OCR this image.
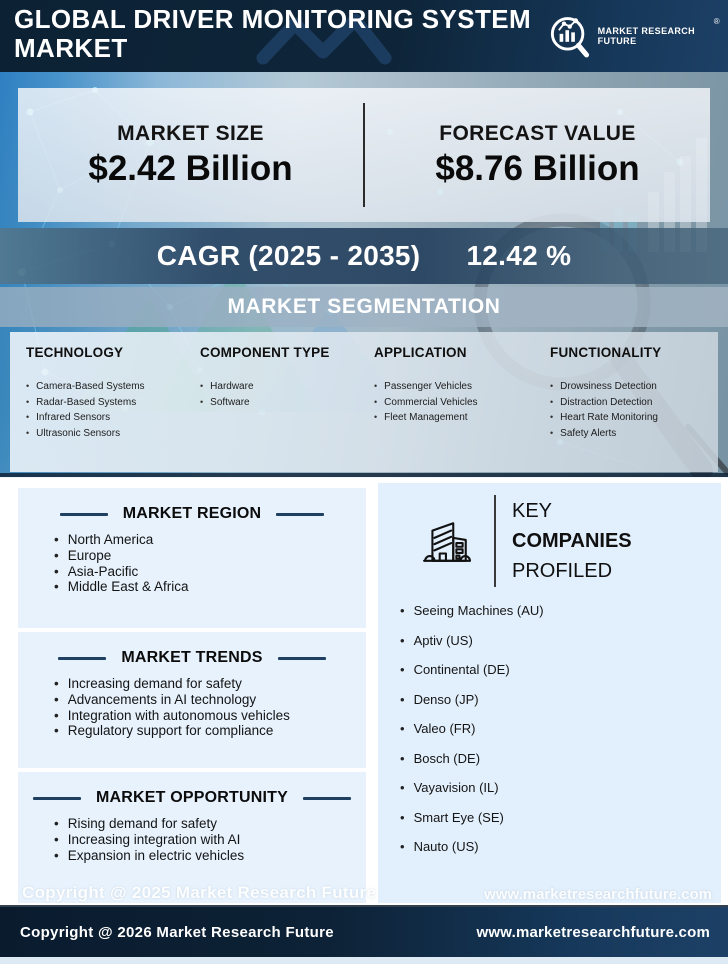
GLOBAL DRIVER MONITORING SYSTEM
MARKET
MARKET RESEARCH FUTURE
®
MARKET SIZE
$2.42 Billion
FORECAST VALUE
$8.76 Billion
CAGR (2025 - 2035) 12.42 %
MARKET SEGMENTATION
TECHNOLOGY
• Camera-Based Systems
• Radar-Based Systems
• Infrared Sensors
• Ultrasonic Sensors
COMPONENT TYPE
• Hardware
• Software
APPLICATION
• Passenger Vehicles
• Commercial Vehicles
• Fleet Management
FUNCTIONALITY
• Drowsiness Detection
• Distraction Detection
• Heart Rate Monitoring
• Safety Alerts
MARKET REGION
• North America
• Europe
• Asia-Pacific
• Middle East & Africa
MARKET TRENDS
• Increasing demand for safety
• Advancements in AI technology
• Integration with autonomous vehicles
• Regulatory support for compliance
MARKET OPPORTUNITY
• Rising demand for safety
• Increasing integration with AI
• Expansion in electric vehicles
KEY
COMPANIES
PROFILED
• Seeing Machines (AU)
• Aptiv (US)
• Continental (DE)
• Denso (JP)
• Valeo (FR)
• Bosch (DE)
• Vayavision (IL)
• Smart Eye (SE)
• Nauto (US)
Copyright @ 2025 Market Research Future	www.marketresearchfuture.com
Copyright @ 2026 Market Research Future	www.marketresearchfuture.com
